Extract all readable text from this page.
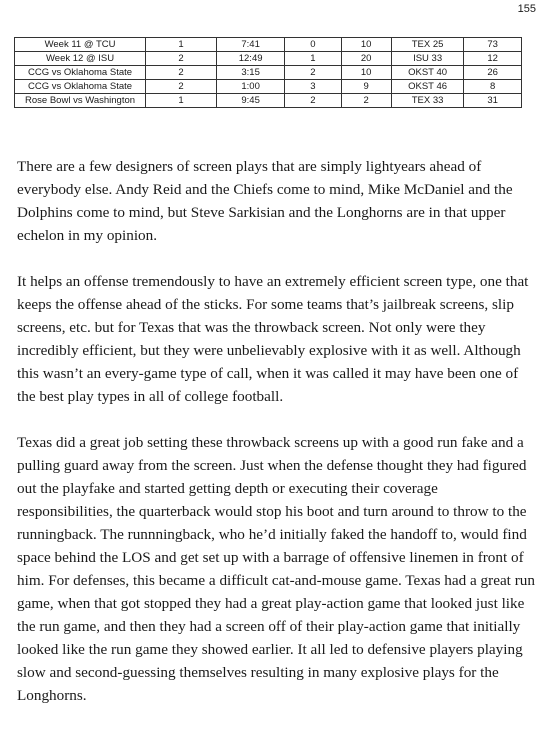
155
Week 11 @ TCU	1	7:41	0	10	TEX 25	73
Week 12 @ ISU	2	12:49	1	20	ISU 33	12
CCG vs Oklahoma State	2	3:15	2	10	OKST 40	26
CCG vs Oklahoma State	2	1:00	3	9	OKST 46	8
Rose Bowl vs Washington	1	9:45	2	2	TEX 33	31

There are a few designers of screen plays that are simply lightyears ahead of everybody else. Andy Reid and the Chiefs come to mind, Mike McDaniel and the Dolphins come to mind, but Steve Sarkisian and the Longhorns are in that upper echelon in my opinion.

It helps an offense tremendously to have an extremely efficient screen type, one that keeps the offense ahead of the sticks. For some teams that’s jailbreak screens, slip screens, etc. but for Texas that was the throwback screen. Not only were they incredibly efficient, but they were unbelievably explosive with it as well. Although this wasn’t an every-game type of call, when it was called it may have been one of the best play types in all of college football.

Texas did a great job setting these throwback screens up with a good run fake and a pulling guard away from the screen. Just when the defense thought they had figured out the playfake and started getting depth or executing their coverage responsibilities, the quarterback would stop his boot and turn around to throw to the runningback. The runnningback, who he’d initially faked the handoff to, would find space behind the LOS and get set up with a barrage of offensive linemen in front of him. For defenses, this became a difficult cat-and-mouse game. Texas had a great run game, when that got stopped they had a great play-action game that looked just like the run game, and then they had a screen off of their play-action game that initially looked like the run game they showed earlier. It all led to defensive players playing slow and second-guessing themselves resulting in many explosive plays for the Longhorns.
